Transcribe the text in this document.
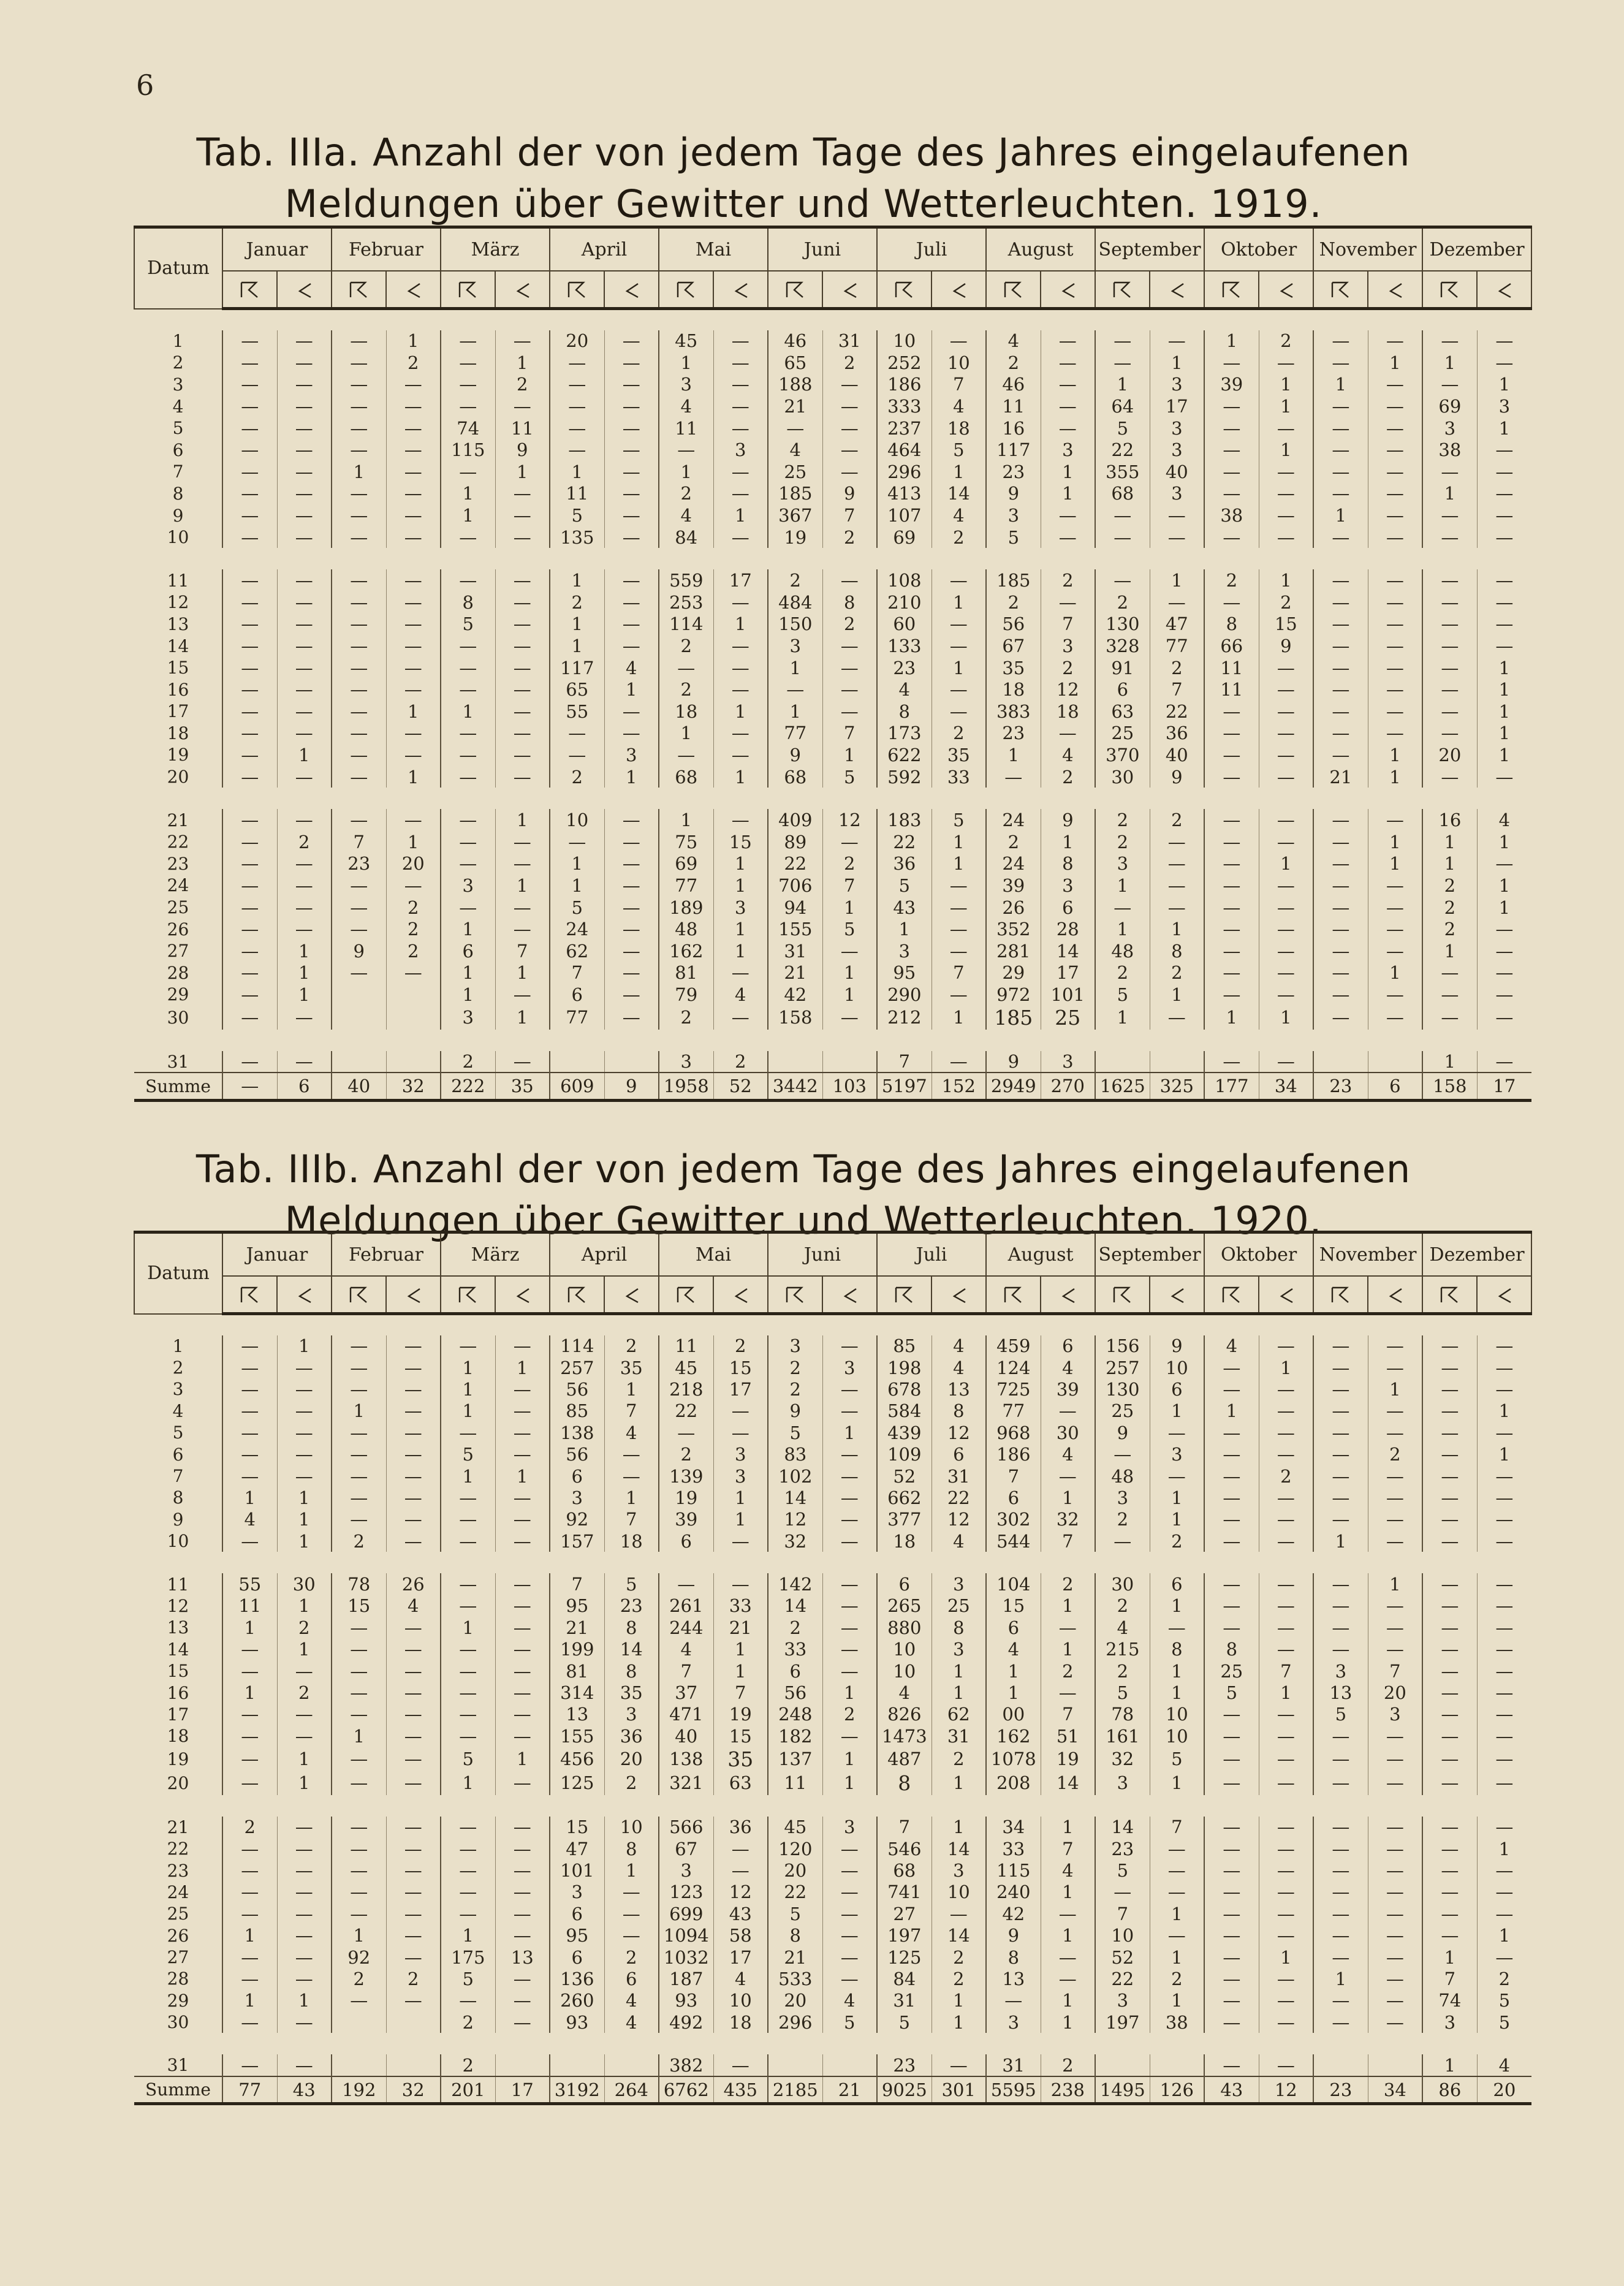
6
Tab. IIIa. Anzahl der von jedem Tage des Jahres eingelaufenen
Meldungen über Gewitter und Wetterleuchten. 1919.
Datum	Januar		Februar		März		April		Mai		Juni		Juli		August		September		Oktober		November		Dezember	

1	—	—	—	1	—	—	20	—	45	—	46	31	10	—	4	—	—	—	1	2	—	—	—	—
2	—	—	—	2	—	1	—	—	1	—	65	2	252	10	2	—	—	1	—	—	—	1	1	—
3	—	—	—	—	—	2	—	—	3	—	188	—	186	7	46	—	1	3	39	1	1	—	—	1
4	—	—	—	—	—	—	—	—	4	—	21	—	333	4	11	—	64	17	—	1	—	—	69	3
5	—	—	—	—	74	11	—	—	11	—	—	—	237	18	16	—	5	3	—	—	—	—	3	1
6	—	—	—	—	115	9	—	—	—	3	4	—	464	5	117	3	22	3	—	1	—	—	38	—
7	—	—	1	—	—	1	1	—	1	—	25	—	296	1	23	1	355	40	—	—	—	—	—	—
8	—	—	—	—	1	—	11	—	2	—	185	9	413	14	9	1	68	3	—	—	—	—	1	—
9	—	—	—	—	1	—	5	—	4	1	367	7	107	4	3	—	—	—	38	—	1	—	—	—
10	—	—	—	—	—	—	135	—	84	—	19	2	69	2	5	—	—	—	—	—	—	—	—	—

11	—	—	—	—	—	—	1	—	559	17	2	—	108	—	185	2	—	1	2	1	—	—	—	—
12	—	—	—	—	8	—	2	—	253	—	484	8	210	1	2	—	2	—	—	2	—	—	—	—
13	—	—	—	—	5	—	1	—	114	1	150	2	60	—	56	7	130	47	8	15	—	—	—	—
14	—	—	—	—	—	—	1	—	2	—	3	—	133	—	67	3	328	77	66	9	—	—	—	—
15	—	—	—	—	—	—	117	4	—	—	1	—	23	1	35	2	91	2	11	—	—	—	—	1
16	—	—	—	—	—	—	65	1	2	—	—	—	4	—	18	12	6	7	11	—	—	—	—	1
17	—	—	—	1	1	—	55	—	18	1	1	—	8	—	383	18	63	22	—	—	—	—	—	1
18	—	—	—	—	—	—	—	—	1	—	77	7	173	2	23	—	25	36	—	—	—	—	—	1
19	—	1	—	—	—	—	—	3	—	—	9	1	622	35	1	4	370	40	—	—	—	1	20	1
20	—	—	—	1	—	—	2	1	68	1	68	5	592	33	—	2	30	9	—	—	21	1	—	—

21	—	—	—	—	—	1	10	—	1	—	409	12	183	5	24	9	2	2	—	—	—	—	16	4
22	—	2	7	1	—	—	—	—	75	15	89	—	22	1	2	1	2	—	—	—	—	1	1	1
23	—	—	23	20	—	—	1	—	69	1	22	2	36	1	24	8	3	—	—	1	—	1	1	—
24	—	—	—	—	3	1	1	—	77	1	706	7	5	—	39	3	1	—	—	—	—	—	2	1
25	—	—	—	2	—	—	5	—	189	3	94	1	43	—	26	6	—	—	—	—	—	—	2	1
26	—	—	—	2	1	—	24	—	48	1	155	5	1	—	352	28	1	1	—	—	—	—	2	—
27	—	1	9	2	6	7	62	—	162	1	31	—	3	—	281	14	48	8	—	—	—	—	1	—
28	—	1	—	—	1	1	7	—	81	—	21	1	95	7	29	17	2	2	—	—	—	1	—	—
29	—	1			1	—	6	—	79	4	42	1	290	—	972	101	5	1	—	—	—	—	—	—
30	—	—			3	1	77	—	2	—	158	—	212	1	185	25	1	—	1	1	—	—	—	—

31	—	—			2	—			3	2			7	—	9	3			—	—			1	—
Summe	—	6	40	32	222	35	609	9	1958	52	3442	103	5197	152	2949	270	1625	325	177	34	23	6	158	17

Tab. IIIb. Anzahl der von jedem Tage des Jahres eingelaufenen
Meldungen über Gewitter und Wetterleuchten. 1920.
Datum	Januar		Februar		März		April		Mai		Juni		Juli		August		September		Oktober		November		Dezember	

1	—	1	—	—	—	—	114	2	11	2	3	—	85	4	459	6	156	9	4	—	—	—	—	—
2	—	—	—	—	1	1	257	35	45	15	2	3	198	4	124	4	257	10	—	1	—	—	—	—
3	—	—	—	—	1	—	56	1	218	17	2	—	678	13	725	39	130	6	—	—	—	1	—	—
4	—	—	1	—	1	—	85	7	22	—	9	—	584	8	77	—	25	1	1	—	—	—	—	1
5	—	—	—	—	—	—	138	4	—	—	5	1	439	12	968	30	9	—	—	—	—	—	—	—
6	—	—	—	—	5	—	56	—	2	3	83	—	109	6	186	4	—	3	—	—	—	2	—	1
7	—	—	—	—	1	1	6	—	139	3	102	—	52	31	7	—	48	—	—	2	—	—	—	—
8	1	1	—	—	—	—	3	1	19	1	14	—	662	22	6	1	3	1	—	—	—	—	—	—
9	4	1	—	—	—	—	92	7	39	1	12	—	377	12	302	32	2	1	—	—	—	—	—	—
10	—	1	2	—	—	—	157	18	6	—	32	—	18	4	544	7	—	2	—	—	1	—	—	—

11	55	30	78	26	—	—	7	5	—	—	142	—	6	3	104	2	30	6	—	—	—	1	—	—
12	11	1	15	4	—	—	95	23	261	33	14	—	265	25	15	1	2	1	—	—	—	—	—	—
13	1	2	—	—	1	—	21	8	244	21	2	—	880	8	6	—	4	—	—	—	—	—	—	—
14	—	1	—	—	—	—	199	14	4	1	33	—	10	3	4	1	215	8	8	—	—	—	—	—
15	—	—	—	—	—	—	81	8	7	1	6	—	10	1	1	2	2	1	25	7	3	7	—	—
16	1	2	—	—	—	—	314	35	37	7	56	1	4	1	1	—	5	1	5	1	13	20	—	—
17	—	—	—	—	—	—	13	3	471	19	248	2	826	62	00	7	78	10	—	—	5	3	—	—
18	—	—	1	—	—	—	155	36	40	15	182	—	1473	31	162	51	161	10	—	—	—	—	—	—
19	—	1	—	—	5	1	456	20	138	35	137	1	487	2	1078	19	32	5	—	—	—	—	—	—
20	—	1	—	—	1	—	125	2	321	63	11	1	8	1	208	14	3	1	—	—	—	—	—	—

21	2	—	—	—	—	—	15	10	566	36	45	3	7	1	34	1	14	7	—	—	—	—	—	—
22	—	—	—	—	—	—	47	8	67	—	120	—	546	14	33	7	23	—	—	—	—	—	—	1
23	—	—	—	—	—	—	101	1	3	—	20	—	68	3	115	4	5	—	—	—	—	—	—	—
24	—	—	—	—	—	—	3	—	123	12	22	—	741	10	240	1	—	—	—	—	—	—	—	—
25	—	—	—	—	—	—	6	—	699	43	5	—	27	—	42	—	7	1	—	—	—	—	—	—
26	1	—	1	—	1	—	95	—	1094	58	8	—	197	14	9	1	10	—	—	—	—	—	—	1
27	—	—	92	—	175	13	6	2	1032	17	21	—	125	2	8	—	52	1	—	1	—	—	1	—
28	—	—	2	2	5	—	136	6	187	4	533	—	84	2	13	—	22	2	—	—	1	—	7	2
29	1	1	—	—	—	—	260	4	93	10	20	4	31	1	—	1	3	1	—	—	—	—	74	5
30	—	—			2	—	93	4	492	18	296	5	5	1	3	1	197	38	—	—	—	—	3	5

31	—	—			2				382	—			23	—	31	2			—	—			1	4
Summe	77	43	192	32	201	17	3192	264	6762	435	2185	21	9025	301	5595	238	1495	126	43	12	23	34	86	20
